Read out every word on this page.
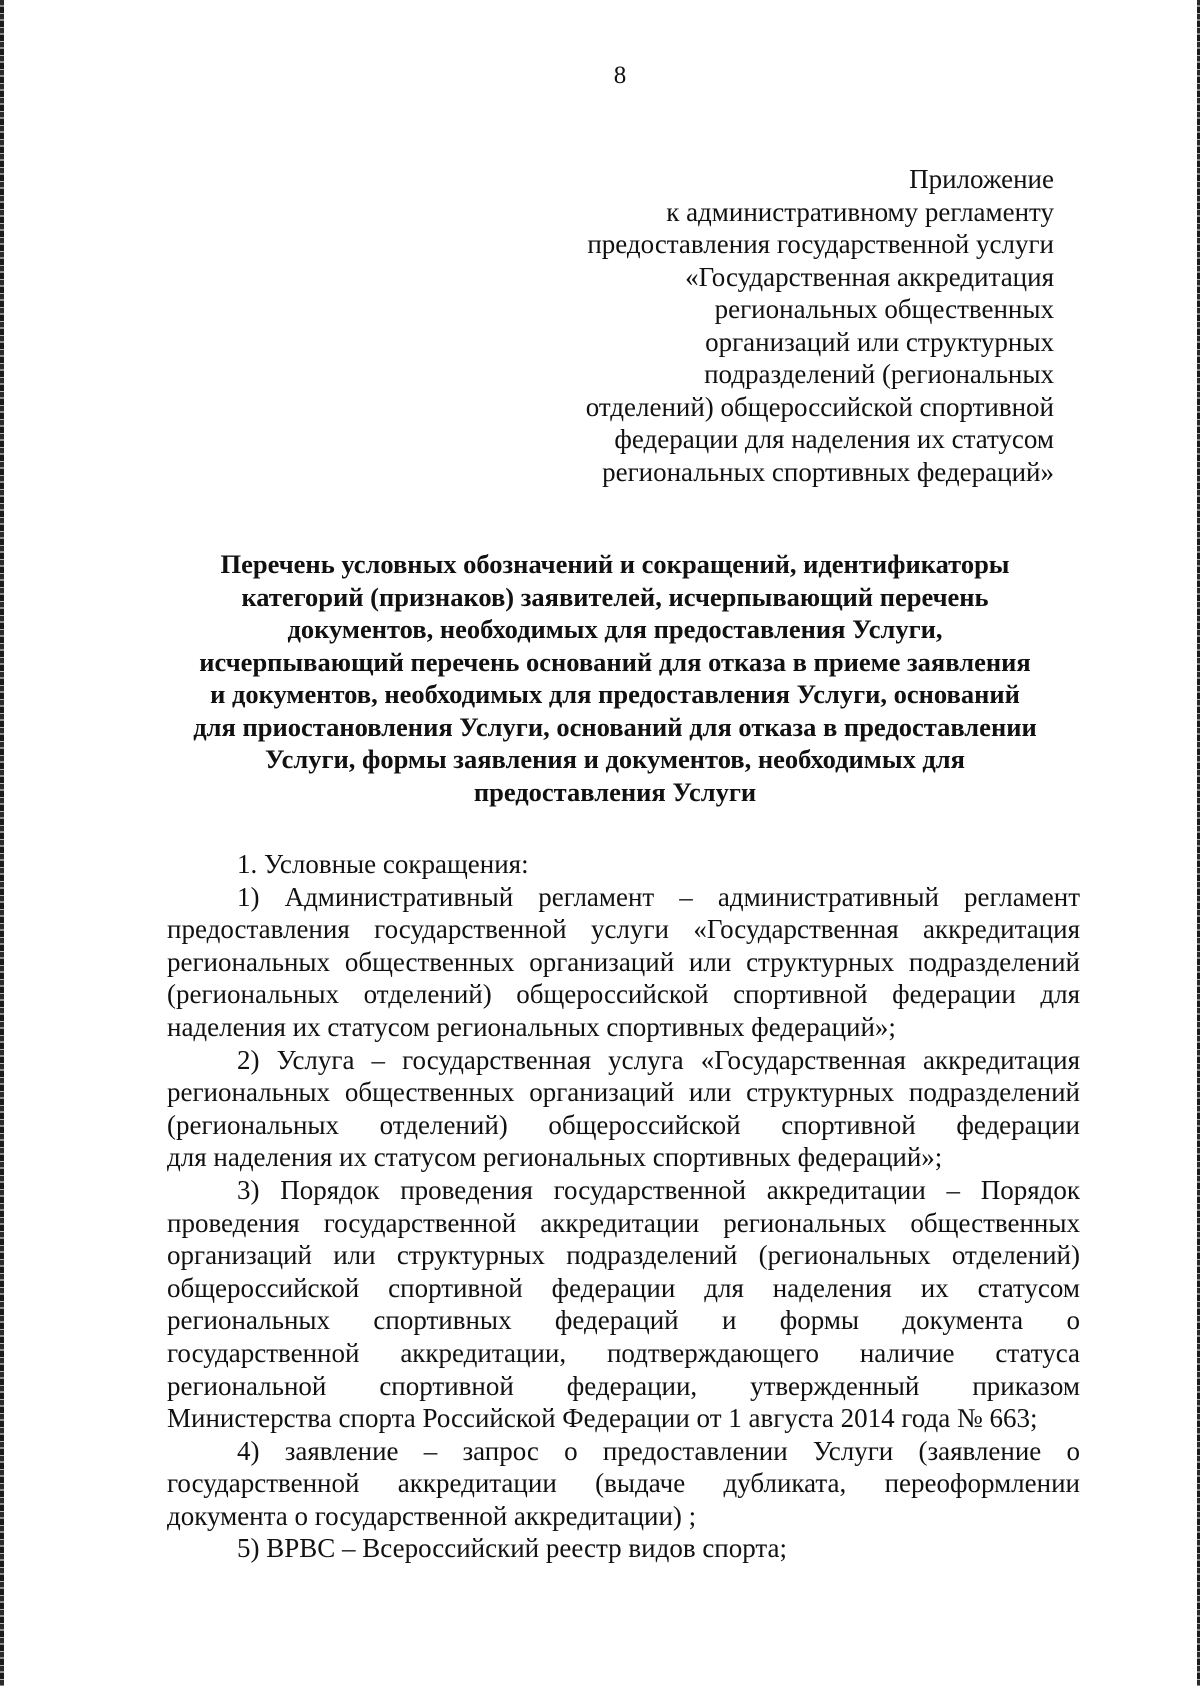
8
Приложение
к административному регламенту
предоставления государственной услуги
«Государственная аккредитация
региональных общественных
организаций или структурных
подразделений (региональных
отделений) общероссийской спортивной
федерации для наделения их статусом
региональных спортивных федераций»
Перечень условных обозначений и сокращений, идентификаторы
категорий (признаков) заявителей, исчерпывающий перечень
документов, необходимых для предоставления Услуги,
исчерпывающий перечень оснований для отказа в приеме заявления
и документов, необходимых для предоставления Услуги, оснований
для приостановления Услуги, оснований для отказа в предоставлении
Услуги, формы заявления и документов, необходимых для
предоставления Услуги
1. Условные сокращения:
1) Административный регламент – административный регламент
предоставления государственной услуги «Государственная аккредитация
региональных общественных организаций или структурных подразделений
(региональных отделений) общероссийской спортивной федерации для
наделения их статусом региональных спортивных федераций»;
2) Услуга – государственная услуга «Государственная аккредитация
региональных общественных организаций или структурных подразделений
(региональных отделений) общероссийской спортивной федерации
для наделения их статусом региональных спортивных федераций»;
3) Порядок проведения государственной аккредитации – Порядок
проведения государственной аккредитации региональных общественных
организаций или структурных подразделений (региональных отделений)
общероссийской спортивной федерации для наделения их статусом
региональных спортивных федераций и формы документа о
государственной аккредитации, подтверждающего наличие статуса
региональной спортивной федерации, утвержденный приказом
Министерства спорта Российской Федерации от 1 августа 2014 года № 663;
4) заявление – запрос о предоставлении Услуги (заявление о
государственной аккредитации (выдаче дубликата, переоформлении
документа о государственной аккредитации) ;
5) ВРВС – Всероссийский реестр видов спорта;
